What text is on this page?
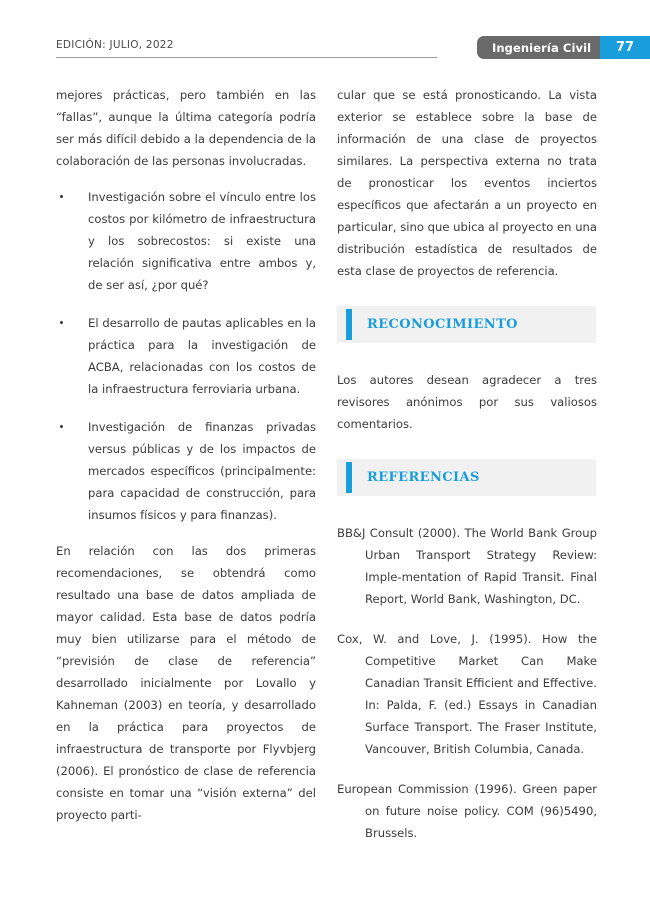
EDICIÓN: JULIO, 2022	Ingeniería Civil	77

mejores prácticas, pero también en las “fallas”, aunque la última categoría podría ser más difícil debido a la dependencia de la colaboración de las personas involucradas.

Investigación sobre el vínculo entre los costos por kilómetro de infraestructura y los sobrecostos: si existe una relación significativa entre ambos y, de ser así, ¿por qué?
El desarrollo de pautas aplicables en la práctica para la investigación de ACBA, relacionadas con los costos de la infraestructura ferroviaria urbana.
Investigación de finanzas privadas versus públicas y de los impactos de mercados específicos (principalmente: para capacidad de construcción, para insumos físicos y para finanzas).

En relación con las dos primeras recomendaciones, se obtendrá como resultado una base de datos ampliada de mayor calidad. Esta base de datos podría muy bien utilizarse para el método de “previsión de clase de referencia” desarrollado inicialmente por Lovallo y Kahneman (2003) en teoría, y desarrollado en la práctica para proyectos de infraestructura de transporte por Flyvbjerg (2006). El pronóstico de clase de referencia consiste en tomar una “visión externa” del proyecto parti-

cular que se está pronosticando. La vista exterior se establece sobre la base de información de una clase de proyectos similares. La perspectiva externa no trata de pronosticar los eventos inciertos específicos que afectarán a un proyecto en particular, sino que ubica al proyecto en una distribución estadística de resultados de esta clase de proyectos de referencia.

RECONOCIMIENTO

Los autores desean agradecer a tres revisores anónimos por sus valiosos comentarios.

REFERENCIAS
BB&J Consult (2000). The World Bank Group Urban Transport Strategy Review: Imple-mentation of Rapid Transit. Final Report, World Bank, Washington, DC.
Cox, W. and Love, J. (1995). How the Competitive Market Can Make Canadian Transit Efficient and Effective. In: Palda, F. (ed.) Essays in Canadian Surface Transport. The Fraser Institute, Vancouver, British Columbia, Canada.
European Commission (1996). Green paper on future noise policy. COM (96)5490, Brussels.
